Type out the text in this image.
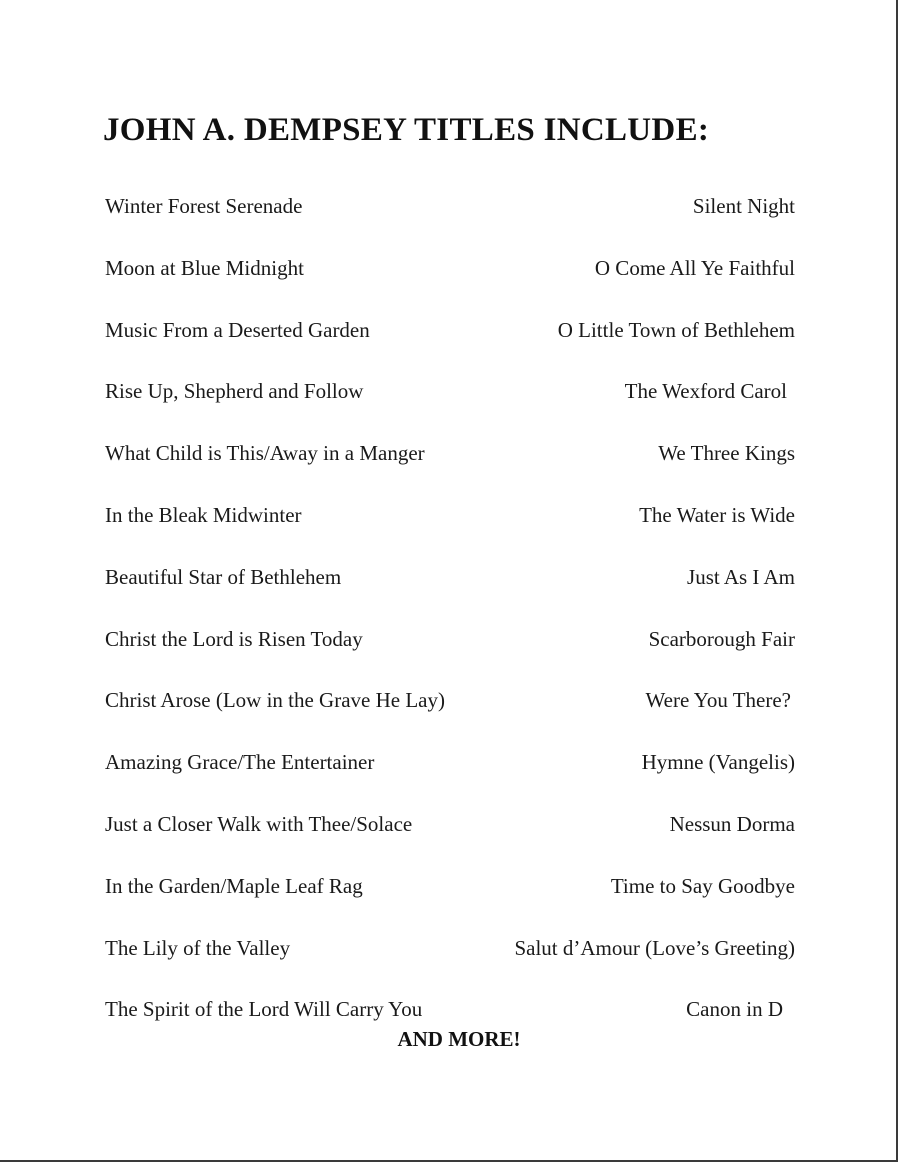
JOHN A. DEMPSEY TITLES INCLUDE:
Winter Forest Serenade	Silent Night
Moon at Blue Midnight	O Come All Ye Faithful
Music From a Deserted Garden	O Little Town of Bethlehem
Rise Up, Shepherd and Follow	The Wexford Carol
What Child is This/Away in a Manger	We Three Kings
In the Bleak Midwinter	The Water is Wide
Beautiful Star of Bethlehem	Just As I Am
Christ the Lord is Risen Today	Scarborough Fair
Christ Arose (Low in the Grave He Lay)	Were You There?
Amazing Grace/The Entertainer	Hymne (Vangelis)
Just a Closer Walk with Thee/Solace	Nessun Dorma
In the Garden/Maple Leaf Rag	Time to Say Goodbye
The Lily of the Valley	Salut d’Amour (Love’s Greeting)
The Spirit of the Lord Will Carry You	Canon in D
AND MORE!
